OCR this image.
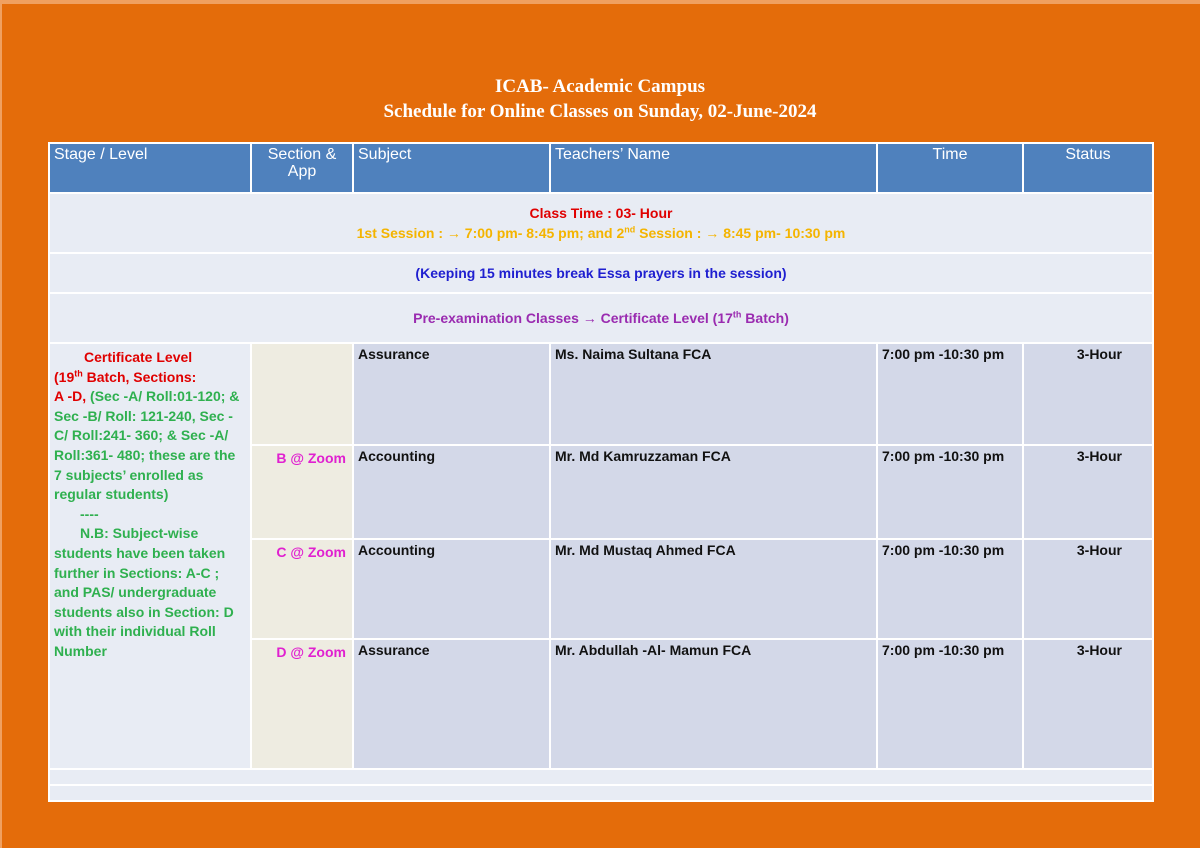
ICAB- Academic Campus
Schedule for Online Classes on Sunday, 02-June-2024
Stage / Level	Section & App	Subject	Teachers’ Name	Time	Status

Class Time : 03- Hour
1st Session : → 7:00 pm- 8:45 pm; and 2nd Session : → 8:45 pm- 10:30 pm					

(Keeping 15 minutes break Essa prayers in the session)					
Pre-examination Classes → Certificate Level (17th Batch)					

Certificate Level
(19th Batch, Sections:
A -D, (Sec -A/ Roll:01-120; & Sec -B/ Roll: 121-240, Sec -C/ Roll:241- 360; & Sec -A/ Roll:361- 480; these are the 7 subjects’ enrolled as regular students)
----
N.B: Subject-wise students have been taken further in Sections: A-C ; and PAS/ undergraduate students also in Section: D with their individual Roll Number		Assurance	Ms. Naima Sultana FCA	7:00 pm -10:30 pm	3-Hour
	B @ Zoom	Accounting	Mr. Md Kamruzzaman FCA	7:00 pm -10:30 pm	3-Hour
	C @ Zoom	Accounting	Mr. Md Mustaq Ahmed FCA	7:00 pm -10:30 pm	3-Hour
	D @ Zoom	Assurance	Mr. Abdullah -Al- Mamun FCA	7:00 pm -10:30 pm	3-Hour
